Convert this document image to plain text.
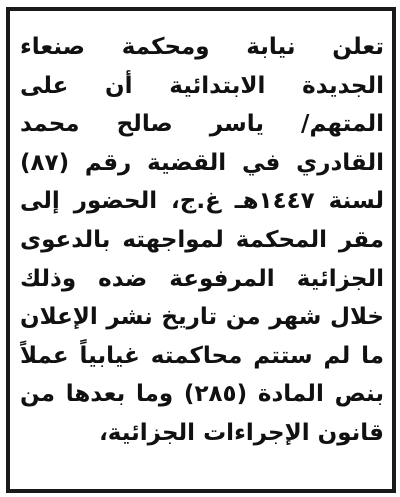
تعلن نيابة ومحكمة صنعاء
الجديدة الابتدائية أن على
المتهم/ ياسر صالح محمد
القادري في القضية رقم (٨٧)
لسنة ١٤٤٧هـ غ.ج، الحضور إلى
مقر المحكمة لمواجهته بالدعوى
الجزائية المرفوعة ضده وذلك
خلال شهر من تاريخ نشر الإعلان
ما لم ستتم محاكمته غيابياً عملاً
بنص المادة (٢٨٥) وما بعدها من
قانون الإجراءات الجزائية،
